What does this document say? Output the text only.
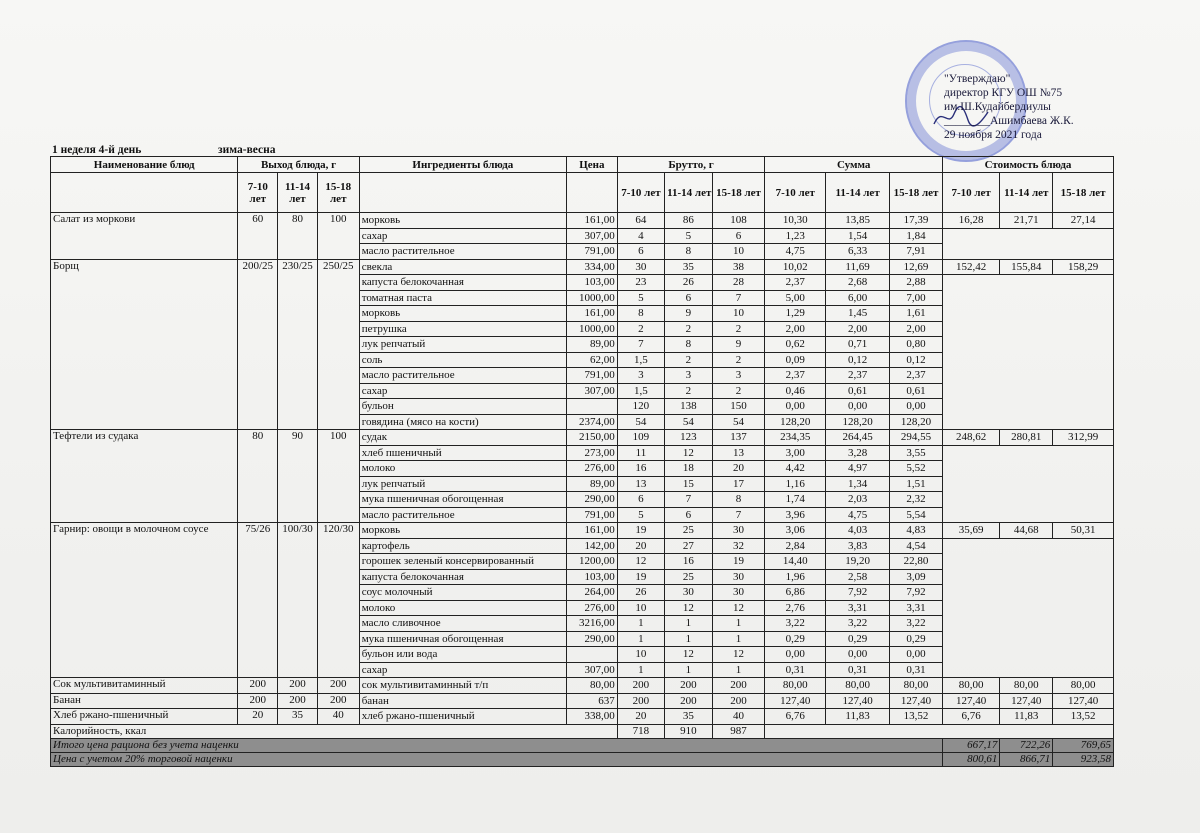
"Утверждаю"
директор КГУ ОШ №75
им.Ш.Кудайбердиулы
________Ашимбаева Ж.К.
29 ноября 2021 года
1 неделя 4-й день	зима-весна
Наименование блюд	Выход блюда, г			Ингредиенты блюда	Цена	Брутто, г			Сумма			Стоимость блюда		
	7-10 лет	11-14 лет	15-18 лет			7-10 лет	11-14 лет	15-18 лет	7-10 лет	11-14 лет	15-18 лет	7-10 лет	11-14 лет	15-18 лет
Салат из моркови	60	80	100	морковь	161,00	64	86	108	10,30	13,85	17,39	16,28	21,71	27,14
				сахар	307,00	4	5	6	1,23	1,54	1,84			
				масло растительное	791,00	6	8	10	4,75	6,33	7,91			
Борщ	200/25	230/25	250/25	свекла	334,00	30	35	38	10,02	11,69	12,69	152,42	155,84	158,29
				капуста белокочанная	103,00	23	26	28	2,37	2,68	2,88			
				томатная паста	1000,00	5	6	7	5,00	6,00	7,00			
				морковь	161,00	8	9	10	1,29	1,45	1,61			
				петрушка	1000,00	2	2	2	2,00	2,00	2,00			
				лук репчатый	89,00	7	8	9	0,62	0,71	0,80			
				соль	62,00	1,5	2	2	0,09	0,12	0,12			
				масло растительное	791,00	3	3	3	2,37	2,37	2,37			
				сахар	307,00	1,5	2	2	0,46	0,61	0,61			
				бульон		120	138	150	0,00	0,00	0,00			
				говядина (мясо на кости)	2374,00	54	54	54	128,20	128,20	128,20			
Тефтели из судака	80	90	100	судак	2150,00	109	123	137	234,35	264,45	294,55	248,62	280,81	312,99
				хлеб пшеничный	273,00	11	12	13	3,00	3,28	3,55			
				молоко	276,00	16	18	20	4,42	4,97	5,52			
				лук репчатый	89,00	13	15	17	1,16	1,34	1,51			
				мука пшеничная обогощенная	290,00	6	7	8	1,74	2,03	2,32			
				масло растительное	791,00	5	6	7	3,96	4,75	5,54			
Гарнир: овощи в молочном соусе	75/26	100/30	120/30	морковь	161,00	19	25	30	3,06	4,03	4,83	35,69	44,68	50,31
				картофель	142,00	20	27	32	2,84	3,83	4,54			
				горошек зеленый консервированный	1200,00	12	16	19	14,40	19,20	22,80			
				капуста белокочанная	103,00	19	25	30	1,96	2,58	3,09			
				соус молочный	264,00	26	30	30	6,86	7,92	7,92			
				молоко	276,00	10	12	12	2,76	3,31	3,31			
				масло сливочное	3216,00	1	1	1	3,22	3,22	3,22			
				мука пшеничная обогощенная	290,00	1	1	1	0,29	0,29	0,29			
				бульон или вода		10	12	12	0,00	0,00	0,00			
				сахар	307,00	1	1	1	0,31	0,31	0,31			
Сок мультивитаминный	200	200	200	сок мультивитаминный т/п	80,00	200	200	200	80,00	80,00	80,00	80,00	80,00	80,00
Банан	200	200	200	банан	637	200	200	200	127,40	127,40	127,40	127,40	127,40	127,40
Хлеб ржано-пшеничный	20	35	40	хлеб ржано-пшеничный	338,00	20	35	40	6,76	11,83	13,52	6,76	11,83	13,52
Калорийность, ккал						718	910	987						
Итого цена рациона без учета наценки												667,17	722,26	769,65
Цена с учетом 20% торговой наценки												800,61	866,71	923,58
